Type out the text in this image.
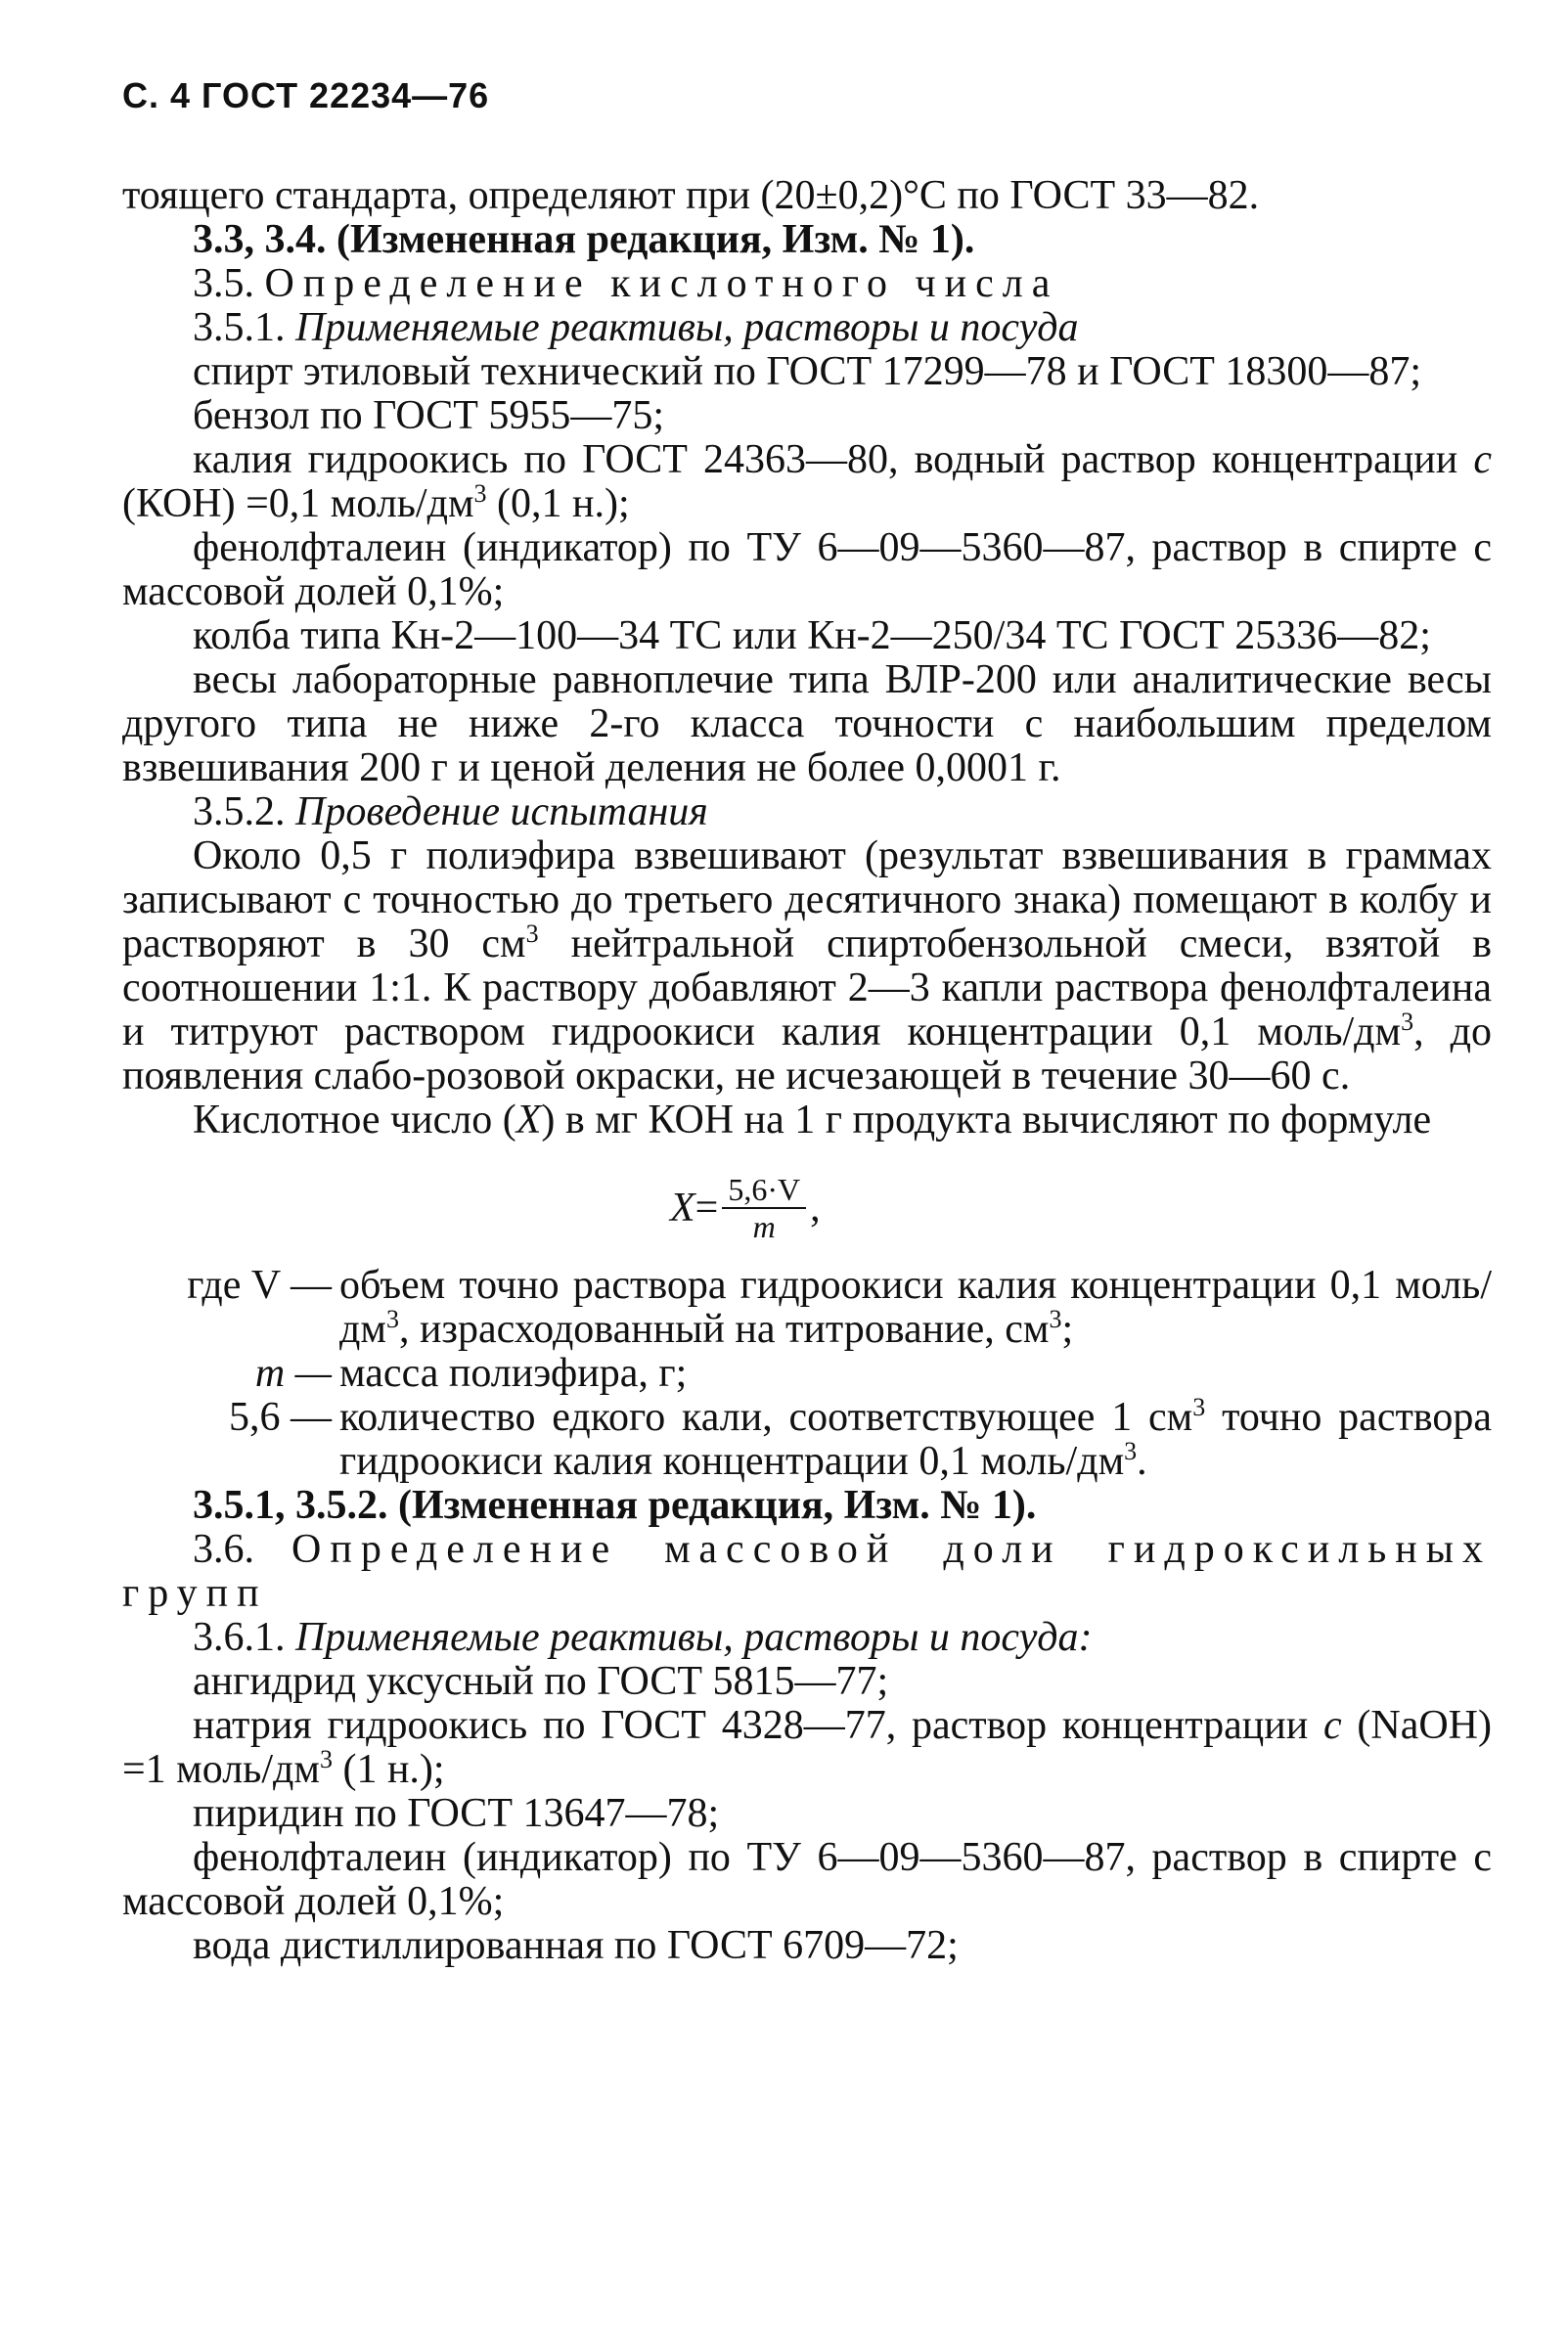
С. 4 ГОСТ 22234—76

тоящего стандарта, определяют при (20±0,2)°С по ГОСТ 33—82.

3.3, 3.4. (Измененная редакция, Изм. № 1).

3.5. Определение кислотного числа

3.5.1. Применяемые реактивы, растворы и посуда

спирт этиловый технический по ГОСТ 17299—78 и ГОСТ 18300—87;

бензол по ГОСТ 5955—75;

калия гидроокись по ГОСТ 24363—80, водный раствор концентрации с (КОН) =0,1 моль/$дм^3$ (0,1 н.);

фенолфталеин (индикатор) по ТУ 6—09—5360—87, раствор в спирте с массовой долей 0,1%;

колба типа Кн-2—100—34 ТС или Кн-2—250/34 ТС ГОСТ 25336—82;

весы лабораторные равноплечие типа ВЛР-200 или аналитические весы другого типа не ниже 2-го класса точности с наибольшим пределом взвешивания 200 г и ценой деления не более 0,0001 г.

3.5.2. Проведение испытания

Около 0,5 г полиэфира взвешивают (результат взвешивания в граммах записывают с точностью до третьего десятичного знака) помещают в колбу и растворяют в 30 $см^3$ нейтральной спиртобензольной смеси, взятой в соотношении 1:1. К раствору добавляют 2—3 капли раствора фенолфталеина и титруют раствором гидроокиси калия концентрации 0,1 моль/$дм^3$, до появления слабо-розовой окраски, не исчезающей в течение 30—60 с.

Кислотное число (X) в мг КОН на 1 г продукта вычисляют по формуле

$X = \frac{5,6\cdot V}{m}$ ,
где V — объем точно раствора гидроокиси калия концентрации 0,1 моль/$дм^3$, израсходованный на титрование, $см^3$;
m — масса полиэфира, г;
5,6 — количество едкого кали, соответствующее 1 $см^3$ точно раствора гидроокиси калия концентрации 0,1 моль/$дм^3$.

3.5.1, 3.5.2. (Измененная редакция, Изм. № 1).

3.6. Определение массовой доли гидроксильных групп

3.6.1. Применяемые реактивы, растворы и посуда:

ангидрид уксусный по ГОСТ 5815—77;

натрия гидроокись по ГОСТ 4328—77, раствор концентрации с (NaOH) =1 моль/$дм^3$ (1 н.);

пиридин по ГОСТ 13647—78;

фенолфталеин (индикатор) по ТУ 6—09—5360—87, раствор в спирте с массовой долей 0,1%;

вода дистиллированная по ГОСТ 6709—72;
